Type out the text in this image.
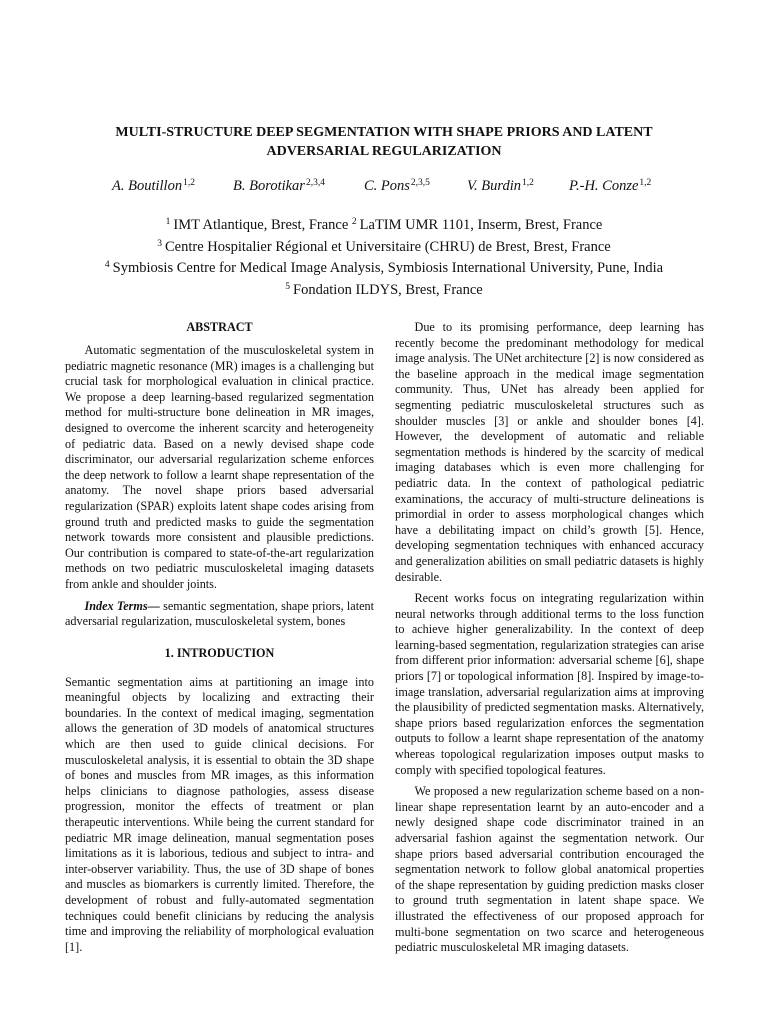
MULTI-STRUCTURE DEEP SEGMENTATION WITH SHAPE PRIORS AND LATENT
ADVERSARIAL REGULARIZATION
A. Boutillon$^{1,2}$	B. Borotikar$^{2,3,4}$	C. Pons$^{2,3,5}$	V. Burdin$^{1,2}$ P.-H. Conze$^{1,2}$
$^1$ IMT Atlantique, Brest, France $^2$ LaTIM UMR 1101, Inserm, Brest, France
$^3$ Centre Hospitalier Régional et Universitaire (CHRU) de Brest, Brest, France
$^4$ Symbiosis Centre for Medical Image Analysis, Symbiosis International University, Pune, India
$^5$ Fondation ILDYS, Brest, France
ABSTRACT

Automatic segmentation of the musculoskeletal system in pediatric magnetic resonance (MR) images is a challenging but crucial task for morphological evaluation in clinical practice. We propose a deep learning-based regularized segmentation method for multi-structure bone delineation in MR images, designed to overcome the inherent scarcity and heterogeneity of pediatric data. Based on a newly devised shape code discriminator, our adversarial regularization scheme enforces the deep network to follow a learnt shape representation of the anatomy. The novel shape priors based adversarial regularization (SPAR) exploits latent shape codes arising from ground truth and predicted masks to guide the segmentation network towards more consistent and plausible predictions. Our contribution is compared to state-of-the-art regularization methods on two pediatric musculoskeletal imaging datasets from ankle and shoulder joints.

Index Terms— semantic segmentation, shape priors, latent adversarial regularization, musculoskeletal system, bones

1. INTRODUCTION

Semantic segmentation aims at partitioning an image into meaningful objects by localizing and extracting their boundaries. In the context of medical imaging, segmentation allows the generation of 3D models of anatomical structures which are then used to guide clinical decisions. For musculoskeletal analysis, it is essential to obtain the 3D shape of bones and muscles from MR images, as this information helps clinicians to diagnose pathologies, assess disease progression, monitor the effects of treatment or plan therapeutic interventions. While being the current standard for pediatric MR image delineation, manual segmentation poses limitations as it is laborious, tedious and subject to intra- and inter-observer variability. Thus, the use of 3D shape of bones and muscles as biomarkers is currently limited. Therefore, the development of robust and fully-automated segmentation techniques could benefit clinicians by reducing the analysis time and improving the reliability of morphological evaluation [1].

Due to its promising performance, deep learning has recently become the predominant methodology for medical image analysis. The UNet architecture [2] is now considered as the baseline approach in the medical image segmentation community. Thus, UNet has already been applied for segmenting pediatric musculoskeletal structures such as shoulder muscles [3] or ankle and shoulder bones [4]. However, the development of automatic and reliable segmentation methods is hindered by the scarcity of medical imaging databases which is even more challenging for pediatric data. In the context of pathological pediatric examinations, the accuracy of multi-structure delineations is primordial in order to assess morphological changes which have a debilitating impact on child’s growth [5]. Hence, developing segmentation techniques with enhanced accuracy and generalization abilities on small pediatric datasets is highly desirable.

Recent works focus on integrating regularization within neural networks through additional terms to the loss function to achieve higher generalizability. In the context of deep learning-based segmentation, regularization strategies can arise from different prior information: adversarial scheme [6], shape priors [7] or topological information [8]. Inspired by image-to-image translation, adversarial regularization aims at improving the plausibility of predicted segmentation masks. Alternatively, shape priors based regularization enforces the segmentation outputs to follow a learnt shape representation of the anatomy whereas topological regularization imposes output masks to comply with specified topological features.

We proposed a new regularization scheme based on a non-linear shape representation learnt by an auto-encoder and a newly designed shape code discriminator trained in an adversarial fashion against the segmentation network. Our shape priors based adversarial contribution encouraged the segmentation network to follow global anatomical properties of the shape representation by guiding prediction masks closer to ground truth segmentation in latent shape space. We illustrated the effectiveness of our proposed approach for multi-bone segmentation on two scarce and heterogeneous pediatric musculoskeletal MR imaging datasets.
